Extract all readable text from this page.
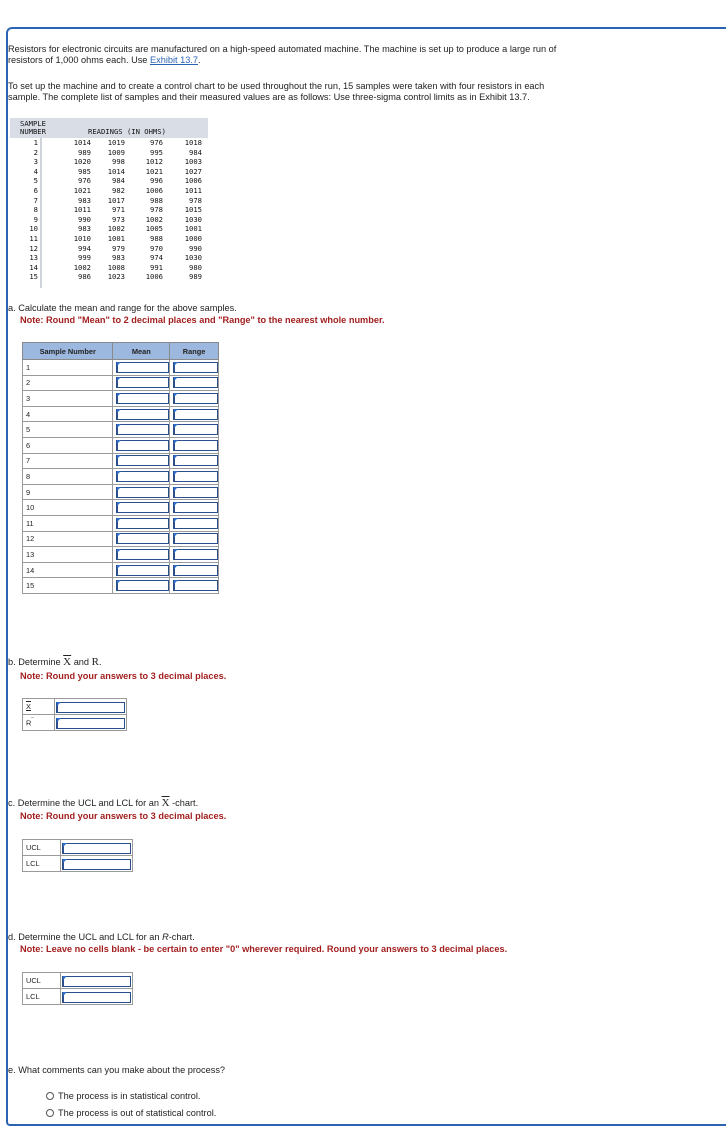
Resistors for electronic circuits are manufactured on a high-speed automated machine. The machine is set up to produce a large run of

resistors of 1,000 ohms each. Use Exhibit 13.7.

To set up the machine and to create a control chart to be used throughout the run, 15 samples were taken with four resistors in each

sample. The complete list of samples and their measured values are as follows: Use three-sigma control limits as in Exhibit 13.7.

SAMPLE
NUMBER	READINGS (IN OHMS)
1	1014	1019	976	1018
2	989	1009	995	984
3	1020	998	1012	1003
4	985	1014	1021	1027
5	976	984	996	1006
6	1021	982	1006	1011
7	983	1017	988	978
8	1011	971	978	1015
9	990	973	1002	1030
10	983	1002	1005	1001
11	1010	1001	988	1000
12	994	979	970	990
13	999	983	974	1030
14	1002	1008	991	980
15	986	1023	1006	989

a. Calculate the mean and range for the above samples.

Note: Round "Mean" to 2 decimal places and "Range" to the nearest whole number.

Sample Number	Mean	Range
1	

2	

3	

4	

5	

6	

7	

8	

9	

10	

11	

12	

13	

14	

15	

b. Determine $\overline{X}$ and R.

Note: Round your answers to 3 decimal places.

X	

R‾	

c. Determine the UCL and LCL for an $\overline{X}$ -chart.

Note: Round your answers to 3 decimal places.

UCL	

LCL	

d. Determine the UCL and LCL for an R-chart.

Note: Leave no cells blank - be certain to enter "0" wherever required. Round your answers to 3 decimal places.

UCL	

LCL	

e. What comments can you make about the process?

The process is in statistical control.
The process is out of statistical control.
